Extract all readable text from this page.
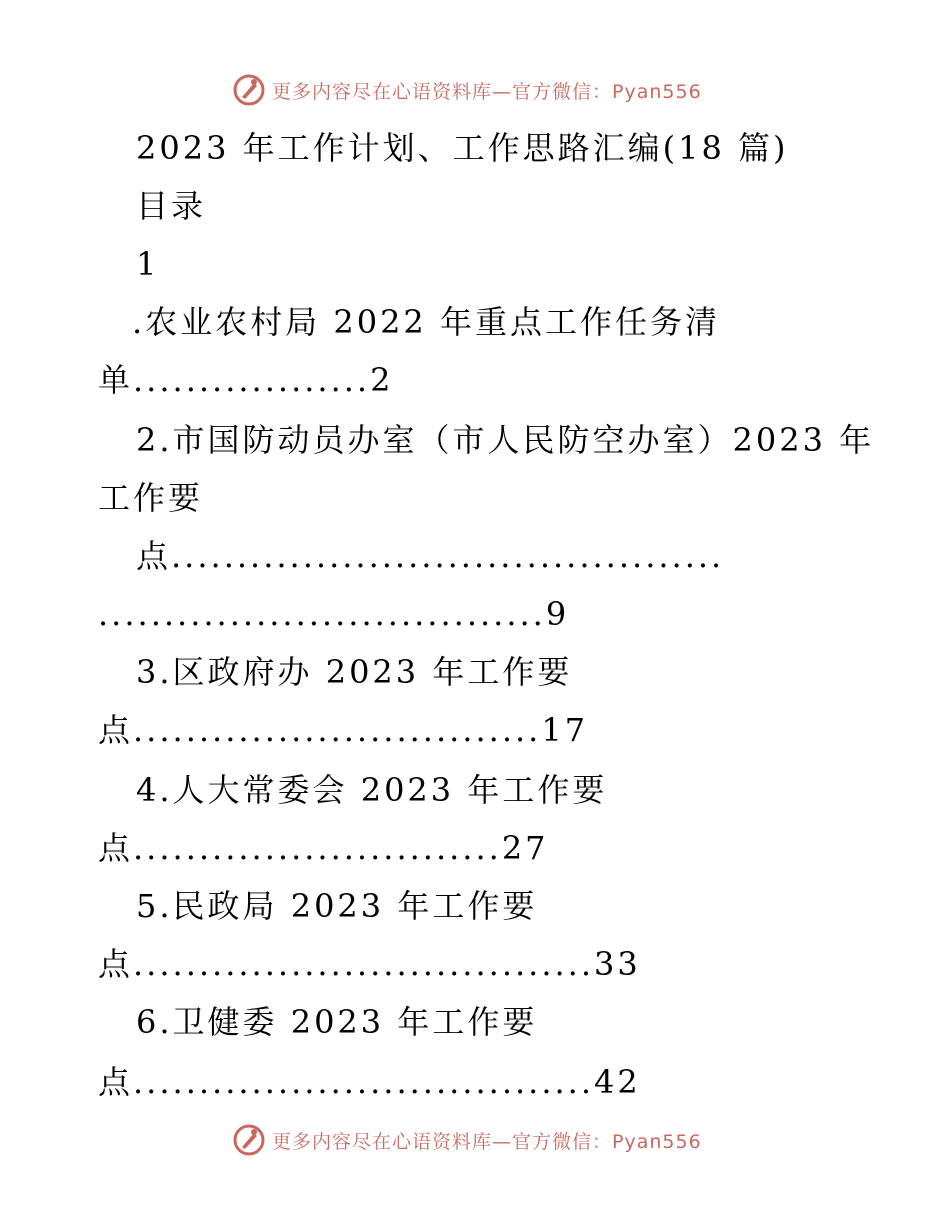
更多内容尽在心语资料库—官方微信：Pyan556
2023 年工作计划、工作思路汇编(18 篇)
目录
1
.农业农村局 2022 年重点工作任务清
单..................2
2.市国防动员办室（市人民防空办室）2023 年
工作要
点..........................................
..................................9
3.区政府办 2023 年工作要
点...............................17
4.人大常委会 2023 年工作要
点............................27
5.民政局 2023 年工作要
点...................................33
6.卫健委 2023 年工作要
点...................................42
更多内容尽在心语资料库—官方微信：Pyan556
